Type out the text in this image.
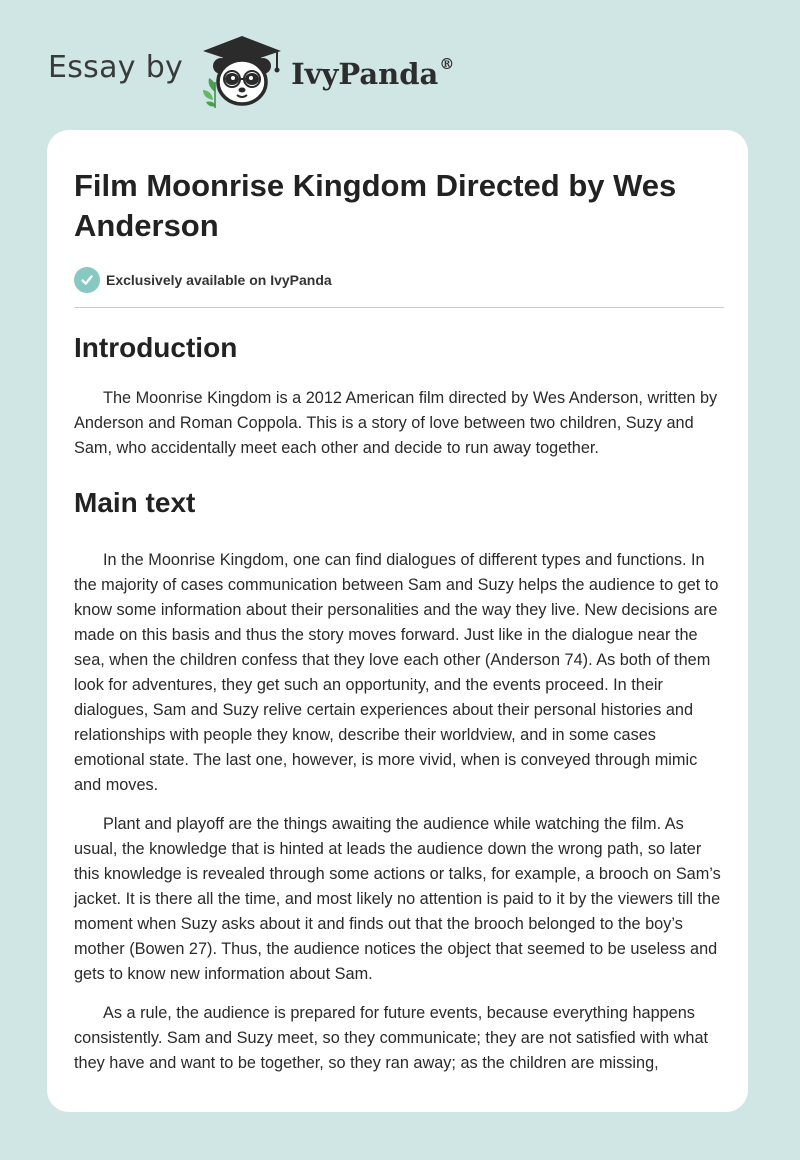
Essay by	IvyPanda®
Film Moonrise Kingdom Directed by Wes Anderson
Exclusively available on IvyPanda
Introduction

The Moonrise Kingdom is a 2012 American film directed by Wes Anderson, written by Anderson and Roman Coppola. This is a story of love between two children, Suzy and Sam, who accidentally meet each other and decide to run away together.

Main text

In the Moonrise Kingdom, one can find dialogues of different types and functions. In the majority of cases communication between Sam and Suzy helps the audience to get to know some information about their personalities and the way they live. New decisions are made on this basis and thus the story moves forward. Just like in the dialogue near the sea, when the children confess that they love each other (Anderson 74). As both of them look for adventures, they get such an opportunity, and the events proceed. In their dialogues, Sam and Suzy relive certain experiences about their personal histories and relationships with people they know, describe their worldview, and in some cases emotional state. The last one, however, is more vivid, when is conveyed through mimic and moves.

Plant and playoff are the things awaiting the audience while watching the film. As usual, the knowledge that is hinted at leads the audience down the wrong path, so later this knowledge is revealed through some actions or talks, for example, a brooch on Sam’s jacket. It is there all the time, and most likely no attention is paid to it by the viewers till the moment when Suzy asks about it and finds out that the brooch belonged to the boy’s mother (Bowen 27). Thus, the audience notices the object that seemed to be useless and gets to know new information about Sam.

As a rule, the audience is prepared for future events, because everything happens consistently. Sam and Suzy meet, so they communicate; they are not satisfied with what they have and want to be together, so they ran away; as the children are missing,
